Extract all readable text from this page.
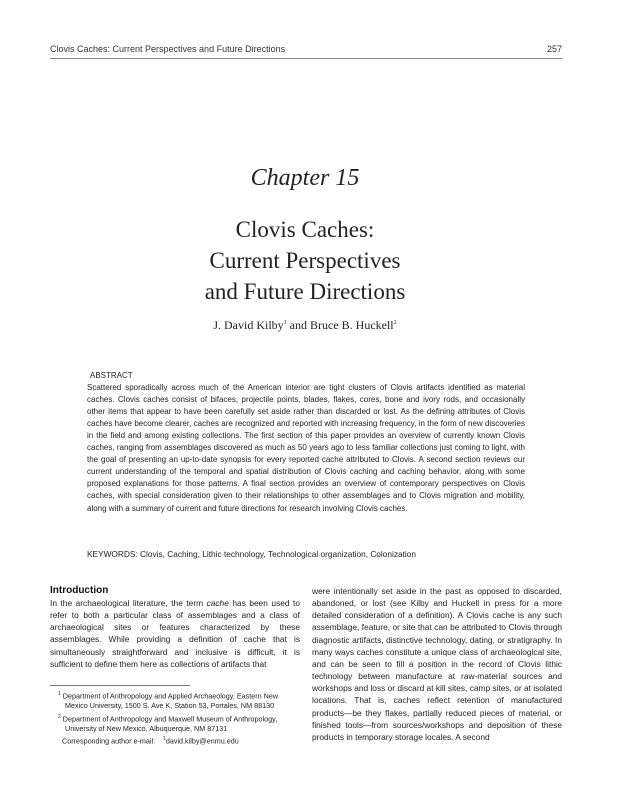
Clovis Caches: Current Perspectives and Future Directions	257
Chapter 15
Clovis Caches:
Current Perspectives
and Future Directions
J. David Kilby$^1$ and Bruce B. Huckell$^2$
ABSTRACT
Scattered sporadically across much of the American interior are tight clusters of Clovis artifacts identified as material caches. Clovis caches consist of bifaces, projectile points, blades, flakes, cores, bone and ivory rods, and occasionally other items that appear to have been carefully set aside rather than discarded or lost. As the defining attributes of Clovis caches have become clearer, caches are recognized and reported with increasing frequency, in the form of new discoveries in the field and among existing collections. The first section of this paper provides an overview of currently known Clovis caches, ranging from assemblages discovered as much as 50 years ago to less familiar collections just coming to light, with the goal of presenting an up-to-date synopsis for every reported cache attributed to Clovis. A second section reviews our current understanding of the temporal and spatial distribution of Clovis caching and caching behavior, along with some proposed explanations for those patterns. A final section provides an overview of contemporary perspectives on Clovis caches, with special consideration given to their relationships to other assemblages and to Clovis migration and mobility, along with a summary of current and future directions for research involving Clovis caches.
KEYWORDS: Clovis, Caching, Lithic technology, Technological organization, Colonization
Introduction
In the archaeological literature, the term cache has been used to refer to both a particular class of assemblages and a class of archaeological sites or features characterized by these assemblages. While providing a definition of cache that is simultaneously straightforward and inclusive is difficult, it is sufficient to define them here as collections of artifacts that
were intentionally set aside in the past as opposed to discarded, abandoned, or lost (see Kilby and Huckell in press for a more detailed consideration of a definition). A Clovis cache is any such assemblage, feature, or site that can be attributed to Clovis through diagnostic artifacts, distinctive technology, dating, or stratigraphy. In many ways caches constitute a unique class of archaeological site, and can be seen to fill a position in the record of Clovis lithic technology between manufacture at raw-material sources and workshops and loss or discard at kill sites, camp sites, or at isolated locations. That is, caches reflect retention of manufactured products—be they flakes, partially reduced pieces of material, or finished tools—from sources/workshops and deposition of these products in temporary storage locales. A second
$^1$ Department of Anthropology and Applied Archaeology, Eastern New Mexico University, 1500 S. Ave K, Station 53, Portales, NM 88130
$^2$ Department of Anthropology and Maxwell Museum of Anthropology, University of New Mexico, Albuquerque, NM 87131
Corresponding author e-mail: $^1$david.kilby@enmu.edu
